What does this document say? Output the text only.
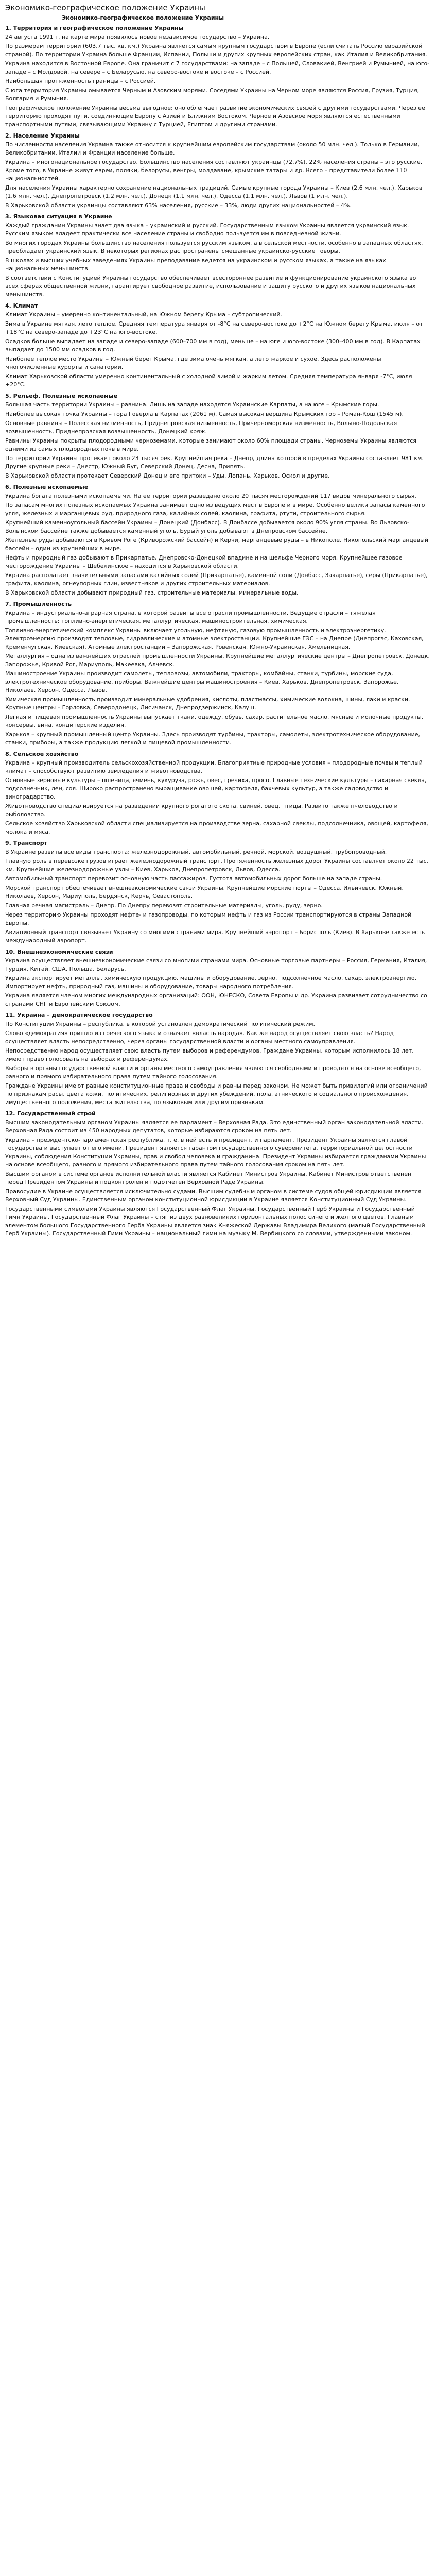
Экономико-географическое положение Украины
Экономико-географическое положение Украины
1. Территория и географическое положение Украины

24 августа 1991 г. на карте мира появилось новое независимое государство – Украина.

По размерам территории (603,7 тыс. кв. км.) Украина является самым крупным государством в Европе (если считать Россию евразийской страной). По территории Украина больше Франции, Испании, Польши и других крупных европейских стран, как Италия и Великобритания.

Украина находится в Восточной Европе. Она граничит с 7 государствами: на западе – с Польшей, Словакией, Венгрией и Румынией, на юго-западе – с Молдовой, на севере – с Беларусью, на северо-востоке и востоке – с Россией.

Наибольшая протяженность границы – с Россией.

С юга территория Украины омывается Черным и Азовским морями. Соседями Украины на Черном море являются Россия, Грузия, Турция, Болгария и Румыния.

Географическое положение Украины весьма выгодное: оно облегчает развитие экономических связей с другими государствами. Через ее территорию проходят пути, соединяющие Европу с Азией и Ближним Востоком. Черное и Азовское моря являются естественными транспортными путями, связывающими Украину с Турцией, Египтом и другими странами.

2. Население Украины

По численности населения Украина также относится к крупнейшим европейским государствам (около 50 млн. чел.). Только в Германии, Великобритании, Италии и Франции население больше.

Украина – многонациональное государство. Большинство населения составляют украинцы (72,7%). 22% населения страны – это русские. Кроме того, в Украине живут евреи, поляки, белорусы, венгры, молдаване, крымские татары и др. Всего – представители более 110 национальностей.

Для населения Украины характерно сохранение национальных традиций. Самые крупные города Украины – Киев (2,6 млн. чел.), Харьков (1,6 млн. чел.), Днепропетровск (1,2 млн. чел.), Донецк (1,1 млн. чел.), Одесса (1,1 млн. чел.), Львов (1 млн. чел.).

В Харьковской области украинцы составляют 63% населения, русские – 33%, люди других национальностей – 4%.

3. Языковая ситуация в Украине

Каждый гражданин Украины знает два языка – украинский и русский. Государственным языком Украины является украинский язык. Русским языком владеет практически все население страны и свободно пользуется им в повседневной жизни.

Во многих городах Украины большинство населения пользуется русским языком, а в сельской местности, особенно в западных областях, преобладает украинский язык. В некоторых регионах распространены смешанные украинско-русские говоры.

В школах и высших учебных заведениях Украины преподавание ведется на украинском и русском языках, а также на языках национальных меньшинств.

В соответствии с Конституцией Украины государство обеспечивает всестороннее развитие и функционирование украинского языка во всех сферах общественной жизни, гарантирует свободное развитие, использование и защиту русского и других языков национальных меньшинств.

4. Климат

Климат Украины – умеренно континентальный, на Южном берегу Крыма – субтропический.

Зима в Украине мягкая, лето теплое. Средняя температура января от -8°С на северо-востоке до +2°С на Южном берегу Крыма, июля – от +18°С на северо-западе до +23°С на юго-востоке.

Осадков больше выпадает на западе и северо-западе (600–700 мм в год), меньше – на юге и юго-востоке (300–400 мм в год). В Карпатах выпадает до 1500 мм осадков в год.

Наиболее теплое место Украины – Южный берег Крыма, где зима очень мягкая, а лето жаркое и сухое. Здесь расположены многочисленные курорты и санатории.

Климат Харьковской области умеренно континентальный с холодной зимой и жарким летом. Средняя температура января -7°С, июля +20°С.

5. Рельеф. Полезные ископаемые

Большая часть территории Украины – равнина. Лишь на западе находятся Украинские Карпаты, а на юге – Крымские горы.

Наиболее высокая точка Украины – гора Говерла в Карпатах (2061 м). Самая высокая вершина Крымских гор – Роман-Кош (1545 м).

Основные равнины – Полесская низменность, Приднепровская низменность, Причерноморская низменность, Волыно-Подольская возвышенность, Приднепровская возвышенность, Донецкий кряж.

Равнины Украины покрыты плодородными черноземами, которые занимают около 60% площади страны. Черноземы Украины являются одними из самых плодородных почв в мире.

По территории Украины протекает около 23 тысяч рек. Крупнейшая река – Днепр, длина которой в пределах Украины составляет 981 км. Другие крупные реки – Днестр, Южный Буг, Северский Донец, Десна, Припять.

В Харьковской области протекает Северский Донец и его притоки – Уды, Лопань, Харьков, Оскол и другие.

6. Полезные ископаемые

Украина богата полезными ископаемыми. На ее территории разведано около 20 тысяч месторождений 117 видов минерального сырья.

По запасам многих полезных ископаемых Украина занимает одно из ведущих мест в Европе и в мире. Особенно велики запасы каменного угля, железных и марганцевых руд, природного газа, калийных солей, каолина, графита, ртути, строительного сырья.

Крупнейший каменноугольный бассейн Украины – Донецкий (Донбасс). В Донбассе добывается около 90% угля страны. Во Львовско-Волынском бассейне также добывается каменный уголь. Бурый уголь добывают в Днепровском бассейне.

Железные руды добываются в Кривом Роге (Криворожский бассейн) и Керчи, марганцевые руды – в Никополе. Никопольский марганцевый бассейн – один из крупнейших в мире.

Нефть и природный газ добывают в Прикарпатье, Днепровско-Донецкой впадине и на шельфе Черного моря. Крупнейшее газовое месторождение Украины – Шебелинское – находится в Харьковской области.

Украина располагает значительными запасами калийных солей (Прикарпатье), каменной соли (Донбасс, Закарпатье), серы (Прикарпатье), графита, каолина, огнеупорных глин, известняков и других строительных материалов.

В Харьковской области добывают природный газ, строительные материалы, минеральные воды.

7. Промышленность

Украина – индустриально-аграрная страна, в которой развиты все отрасли промышленности. Ведущие отрасли – тяжелая промышленность: топливно-энергетическая, металлургическая, машиностроительная, химическая.

Топливно-энергетический комплекс Украины включает угольную, нефтяную, газовую промышленность и электроэнергетику. Электроэнергию производят тепловые, гидравлические и атомные электростанции. Крупнейшие ГЭС – на Днепре (Днепрогэс, Каховская, Кременчугская, Киевская). Атомные электростанции – Запорожская, Ровенская, Южно-Украинская, Хмельницкая.

Металлургия – одна из важнейших отраслей промышленности Украины. Крупнейшие металлургические центры – Днепропетровск, Донецк, Запорожье, Кривой Рог, Мариуполь, Макеевка, Алчевск.

Машиностроение Украины производит самолеты, тепловозы, автомобили, тракторы, комбайны, станки, турбины, морские суда, электротехническое оборудование, приборы. Важнейшие центры машиностроения – Киев, Харьков, Днепропетровск, Запорожье, Николаев, Херсон, Одесса, Львов.

Химическая промышленность производит минеральные удобрения, кислоты, пластмассы, химические волокна, шины, лаки и краски. Крупные центры – Горловка, Северодонецк, Лисичанск, Днепродзержинск, Калуш.

Легкая и пищевая промышленность Украины выпускает ткани, одежду, обувь, сахар, растительное масло, мясные и молочные продукты, консервы, вина, кондитерские изделия.

Харьков – крупный промышленный центр Украины. Здесь производят турбины, тракторы, самолеты, электротехническое оборудование, станки, приборы, а также продукцию легкой и пищевой промышленности.

8. Сельское хозяйство

Украина – крупный производитель сельскохозяйственной продукции. Благоприятные природные условия – плодородные почвы и теплый климат – способствуют развитию земледелия и животноводства.

Основные зерновые культуры – пшеница, ячмень, кукуруза, рожь, овес, гречиха, просо. Главные технические культуры – сахарная свекла, подсолнечник, лен, соя. Широко распространено выращивание овощей, картофеля, бахчевых культур, а также садоводство и виноградарство.

Животноводство специализируется на разведении крупного рогатого скота, свиней, овец, птицы. Развито также пчеловодство и рыболовство.

Сельское хозяйство Харьковской области специализируется на производстве зерна, сахарной свеклы, подсолнечника, овощей, картофеля, молока и мяса.

9. Транспорт

В Украине развиты все виды транспорта: железнодорожный, автомобильный, речной, морской, воздушный, трубопроводный.

Главную роль в перевозке грузов играет железнодорожный транспорт. Протяженность железных дорог Украины составляет около 22 тыс. км. Крупнейшие железнодорожные узлы – Киев, Харьков, Днепропетровск, Львов, Одесса.

Автомобильный транспорт перевозит основную часть пассажиров. Густота автомобильных дорог больше на западе страны.

Морской транспорт обеспечивает внешнеэкономические связи Украины. Крупнейшие морские порты – Одесса, Ильичевск, Южный, Николаев, Херсон, Мариуполь, Бердянск, Керчь, Севастополь.

Главная речная магистраль – Днепр. По Днепру перевозят строительные материалы, уголь, руду, зерно.

Через территорию Украины проходят нефте- и газопроводы, по которым нефть и газ из России транспортируются в страны Западной Европы.

Авиационный транспорт связывает Украину со многими странами мира. Крупнейший аэропорт – Борисполь (Киев). В Харькове также есть международный аэропорт.

10. Внешнеэкономические связи

Украина осуществляет внешнеэкономические связи со многими странами мира. Основные торговые партнеры – Россия, Германия, Италия, Турция, Китай, США, Польша, Беларусь.

Украина экспортирует металлы, химическую продукцию, машины и оборудование, зерно, подсолнечное масло, сахар, электроэнергию. Импортирует нефть, природный газ, машины и оборудование, товары народного потребления.

Украина является членом многих международных организаций: ООН, ЮНЕСКО, Совета Европы и др. Украина развивает сотрудничество со странами СНГ и Европейским Союзом.

11. Украина – демократическое государство

По Конституции Украины – республика, в которой установлен демократический политический режим.

Слово «демократия» пришло из греческого языка и означает «власть народа». Как же народ осуществляет свою власть? Народ осуществляет власть непосредственно, через органы государственной власти и органы местного самоуправления.

Непосредственно народ осуществляет свою власть путем выборов и референдумов. Граждане Украины, которым исполнилось 18 лет, имеют право голосовать на выборах и референдумах.

Выборы в органы государственной власти и органы местного самоуправления являются свободными и проводятся на основе всеобщего, равного и прямого избирательного права путем тайного голосования.

Граждане Украины имеют равные конституционные права и свободы и равны перед законом. Не может быть привилегий или ограничений по признакам расы, цвета кожи, политических, религиозных и других убеждений, пола, этнического и социального происхождения, имущественного положения, места жительства, по языковым или другим признакам.

12. Государственный строй

Высшим законодательным органом Украины является ее парламент – Верховная Рада. Это единственный орган законодательной власти. Верховная Рада состоит из 450 народных депутатов, которые избираются сроком на пять лет.

Украина – президентско-парламентская республика, т. е. в ней есть и президент, и парламент. Президент Украины является главой государства и выступает от его имени. Президент является гарантом государственного суверенитета, территориальной целостности Украины, соблюдения Конституции Украины, прав и свобод человека и гражданина. Президент Украины избирается гражданами Украины на основе всеобщего, равного и прямого избирательного права путем тайного голосования сроком на пять лет.

Высшим органом в системе органов исполнительной власти является Кабинет Министров Украины. Кабинет Министров ответственен перед Президентом Украины и подконтролен и подотчетен Верховной Раде Украины.

Правосудие в Украине осуществляется исключительно судами. Высшим судебным органом в системе судов общей юрисдикции является Верховный Суд Украины. Единственным органом конституционной юрисдикции в Украине является Конституционный Суд Украины.

Государственными символами Украины являются Государственный Флаг Украины, Государственный Герб Украины и Государственный Гимн Украины. Государственный Флаг Украины – стяг из двух равновеликих горизонтальных полос синего и желтого цветов. Главным элементом большого Государственного Герба Украины является знак Княжеской Державы Владимира Великого (малый Государственный Герб Украины). Государственный Гимн Украины – национальный гимн на музыку М. Вербицкого со словами, утвержденными законом.
